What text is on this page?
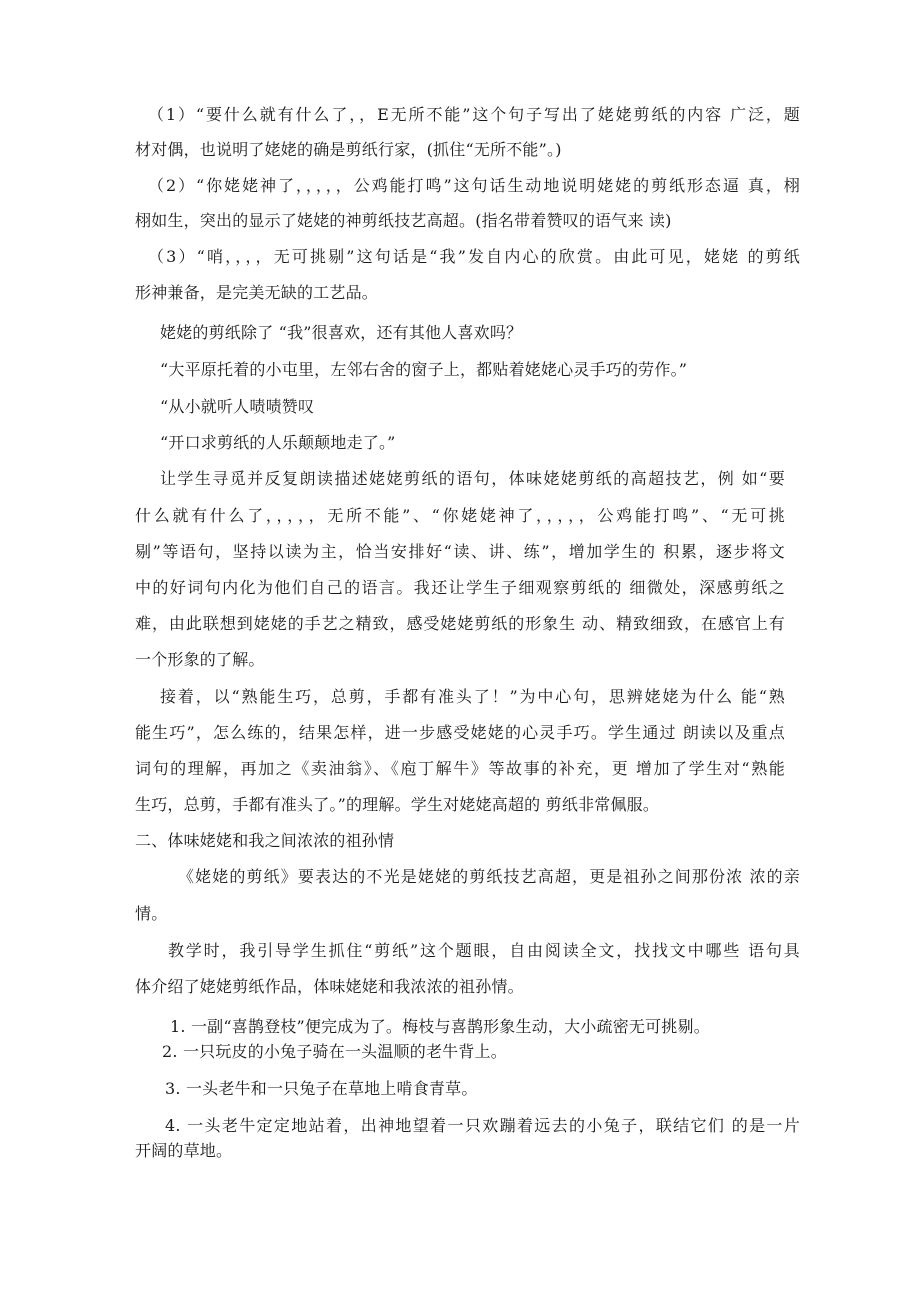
（1）“要什么就有什么了，，E无所不能”这个句子写出了姥姥剪纸的内容 广泛，题
材对偶，也说明了姥姥的确是剪纸行家，(抓住“无所不能”。)
（2）“你姥姥神了，，，，，公鸡能打鸣”这句话生动地说明姥姥的剪纸形态逼 真，栩
栩如生，突出的显示了姥姥的神剪纸技艺高超。(指名带着赞叹的语气来 读)
（3）“哨，，，，无可挑剔”这句话是“我”发自内心的欣赏。由此可见，姥姥 的剪纸
形神兼备，是完美无缺的工艺品。
姥姥的剪纸除了 “我”很喜欢，还有其他人喜欢吗？
“大平原托着的小屯里，左邻右舍的窗子上，都贴着姥姥心灵手巧的劳作。”
“从小就听人啧啧赞叹
“开口求剪纸的人乐颠颠地走了。”
让学生寻觅并反复朗读描述姥姥剪纸的语句，体味姥姥剪纸的高超技艺，例 如“要
什么就有什么了，，，，，无所不能”、“你姥姥神了，，，，，公鸡能打鸣”、“无可挑
剔”等语句，坚持以读为主，恰当安排好“读、讲、练”，增加学生的 积累，逐步将文
中的好词句内化为他们自己的语言。我还让学生子细观察剪纸的 细微处，深感剪纸之
难，由此联想到姥姥的手艺之精致，感受姥姥剪纸的形象生 动、精致细致，在感官上有
一个形象的了解。
接着，以“熟能生巧，总剪，手都有准头了！”为中心句，思辨姥姥为什么 能“熟
能生巧”，怎么练的，结果怎样，进一步感受姥姥的心灵手巧。学生通过 朗读以及重点
词句的理解，再加之《卖油翁》、《庖丁解牛》等故事的补充，更 增加了学生对“熟能
生巧，总剪，手都有准头了。”的理解。学生对姥姥高超的 剪纸非常佩服。
二、体味姥姥和我之间浓浓的祖孙情
《姥姥的剪纸》要表达的不光是姥姥的剪纸技艺高超，更是祖孙之间那份浓 浓的亲
情。
教学时，我引导学生抓住“剪纸”这个题眼，自由阅读全文，找找文中哪些 语句具
体介绍了姥姥剪纸作品，体味姥姥和我浓浓的祖孙情。
1. 一副“喜鹊登枝”便完成为了。梅枝与喜鹊形象生动，大小疏密无可挑剔。
2. 一只玩皮的小兔子骑在一头温顺的老牛背上。
3. 一头老牛和一只兔子在草地上啃食青草。
4. 一头老牛定定地站着，出神地望着一只欢蹦着远去的小兔子，联结它们 的是一片
开阔的草地。
